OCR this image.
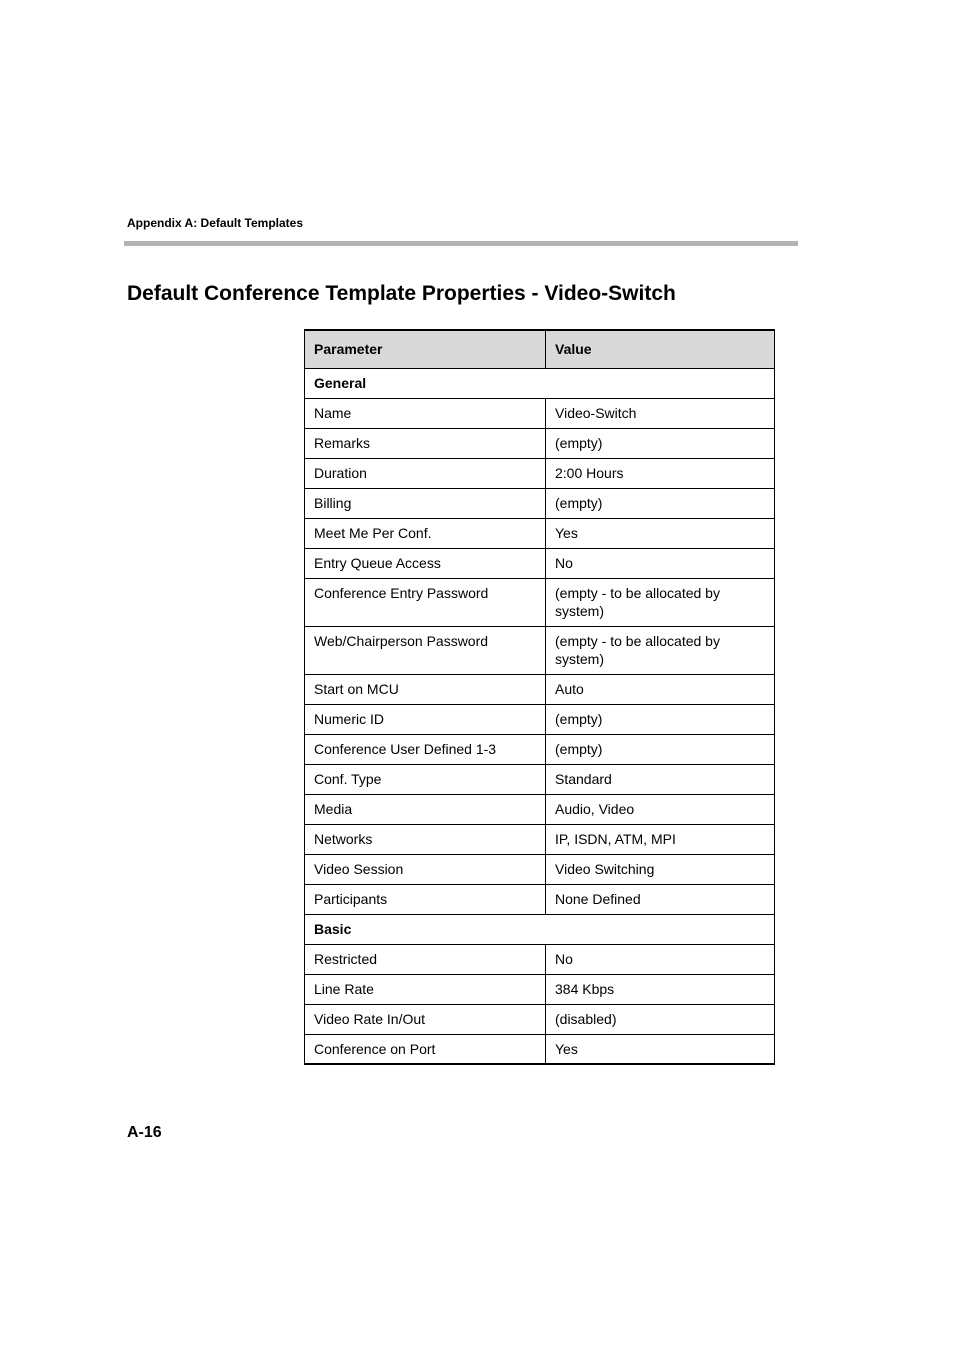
Appendix A: Default Templates
Default Conference Template Properties - Video-Switch
Parameter	Value
General	
Name	Video-Switch
Remarks	(empty)
Duration	2:00 Hours
Billing	(empty)
Meet Me Per Conf.	Yes
Entry Queue Access	No
Conference Entry Password	(empty - to be allocated by system)
Web/Chairperson Password	(empty - to be allocated by system)
Start on MCU	Auto
Numeric ID	(empty)
Conference User Defined 1-3	(empty)
Conf. Type	Standard
Media	Audio, Video
Networks	IP, ISDN, ATM, MPI
Video Session	Video Switching
Participants	None Defined
Basic	
Restricted	No
Line Rate	384 Kbps
Video Rate In/Out	(disabled)
Conference on Port	Yes
A-16
